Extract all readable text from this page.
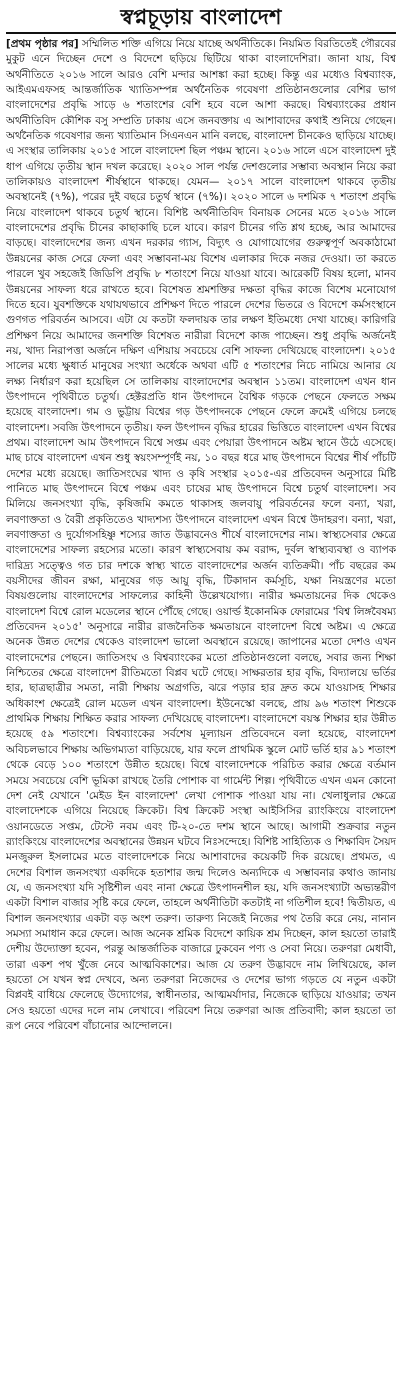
স্বপ্নচূড়ায় বাংলাদেশ

[প্রথম পৃষ্ঠার পর] সম্মিলিত শক্তি এগিয়ে নিয়ে যাচ্ছে অর্থনীতিকে। নিয়মিত বিরতিতেই গৌরবের মুকুট এনে দিচ্ছেন দেশে ও বিদেশে ছড়িয়ে ছিটিয়ে থাকা বাংলাদেশিরা। জানা যায়, বিশ্ব অর্থনীতিতে ২০১৬ সালে আরও বেশি মন্দার আশঙ্কা করা হচ্ছে। কিন্তু এর মধ্যেও বিশ্বব্যাংক, আইএমএফসহ আন্তর্জাতিক খ্যাতিসম্পন্ন অর্থনৈতিক গবেষণা প্রতিষ্ঠানগুলোর বেশির ভাগ বাংলাদেশের প্রবৃদ্ধি সাড়ে ৬ শতাংশের বেশি হবে বলে আশা করছে। বিশ্বব্যাংকের প্রধান অর্থনীতিবিদ কৌশিক বসু সম্প্রতি ঢাকায় এসে জনবক্তায় এ আশাবাদের কথাই শুনিয়ে গেছেন। অর্থনৈতিক গবেষণার জন্য খ্যাতিমান সিএনএন মানি বলছে, বাংলাদেশ চীনকেও ছাড়িয়ে যাচ্ছে। এ সংস্থার তালিকায় ২০১৫ সালে বাংলাদেশ ছিল পঞ্চম স্থানে। ২০১৬ সালে এসে বাংলাদেশ দুই ধাপ এগিয়ে তৃতীয় স্থান দখল করেছে। ২০২০ সাল পর্যন্ত দেশগুলোর সম্ভাব্য অবস্থান নিয়ে করা তালিকায়ও বাংলাদেশ শীর্ষস্থানে থাকছে। যেমন— ২০১৭ সালে বাংলাদেশ থাকবে তৃতীয় অবস্থানেই (৭%), পরের দুই বছরে চতুর্থ স্থানে (৭%)। ২০২০ সালে ৬ দশমিক ৭ শতাংশ প্রবৃদ্ধি নিয়ে বাংলাদেশ থাকবে চতুর্থ স্থানে। বিশিষ্ট অর্থনীতিবিদ বিনায়ক সেনের মতে ২০১৬ সালে বাংলাদেশের প্রবৃদ্ধি চীনের কাছাকাছি চলে যাবে। কারণ চীনের গতি শ্লথ হচ্ছে, আর আমাদের বাড়ছে। বাংলাদেশের জন্য এখন দরকার গ্যাস, বিদ্যুৎ ও যোগাযোগের গুরুত্বপূর্ণ অবকাঠামো উন্নয়নের কাজ সেরে ফেলা এবং সম্ভাবনা-ময় বিশেষ এলাকার দিকে নজর দেওয়া। তা করতে পারলে খুব সহজেই জিডিপি প্রবৃদ্ধি ৮ শতাংশে নিয়ে যাওয়া যাবে। আরেকটি বিষয় হলো, মানব উন্নয়নের সাফল্য ধরে রাখতে হবে। বিশেষত শ্রমশক্তির দক্ষতা বৃদ্ধির কাজে বিশেষ মনোযোগ দিতে হবে। যুবশক্তিকে যথাযথভাবে প্রশিক্ষণ দিতে পারলে দেশের ভিতরে ও বিদেশে কর্মসংস্থানে গুণগত পরিবর্তন আসবে। এটা যে কতটা ফলদায়ক তার লক্ষণ ইতিমধ্যে দেখা যাচ্ছে। কারিগরি প্রশিক্ষণ নিয়ে আমাদের জনশক্তি বিশেষত নারীরা বিদেশে কাজ পাচ্ছেন। শুধু প্রবৃদ্ধি অর্জনেই নয়, খাদ্য নিরাপত্তা অর্জনে দক্ষিণ এশিয়ায় সবচেয়ে বেশি সাফল্য দেখিয়েছে বাংলাদেশ। ২০১৫ সালের মধ্যে ক্ষুধার্ত মানুষের সংখ্যা অর্ধেকে অথবা এটি ৫ শতাংশের নিচে নামিয়ে আনার যে লক্ষ্য নির্ধারণ করা হয়েছিল সে তালিকায় বাংলাদেশের অবস্থান ১১তম। বাংলাদেশ এখন ধান উৎপাদনে পৃথিবীতে চতুর্থ। হেক্টরপ্রতি ধান উৎপাদনে বৈশ্বিক গড়কে পেছনে ফেলতে সক্ষম হয়েছে বাংলাদেশ। গম ও ভুট্টায় বিশ্বের গড় উৎপাদনকে পেছনে ফেলে ক্রমেই এগিয়ে চলছে বাংলাদেশ। সবজি উৎপাদনে তৃতীয়। ফল উৎপাদন বৃদ্ধির হারের ভিত্তিতে বাংলাদেশ এখন বিশ্বের প্রথম। বাংলাদেশ আম উৎপাদনে বিশ্বে সপ্তম এবং পেয়ারা উৎপাদনে অষ্টম স্থানে উঠে এসেছে। মাছ চাষে বাংলাদেশ এখন শুধু স্বয়ংসম্পূর্ণই নয়, ১০ বছর ধরে মাছ উৎপাদনে বিশ্বের শীর্ষ পাঁচটি দেশের মধ্যে রয়েছে। জাতিসংঘের খাদ্য ও কৃষি সংস্থার ২০১৫-এর প্রতিবেদন অনুসারে মিষ্টি পানিতে মাছ উৎপাদনে বিশ্বে পঞ্চম এবং চাষের মাছ উৎপাদনে বিশ্বে চতুর্থ বাংলাদেশ। সব মিলিয়ে জনসংখ্যা বৃদ্ধি, কৃষিজমি কমতে থাকাসহ জলবায়ু পরিবর্তনের ফলে বন্যা, খরা, লবণাক্ততা ও বৈরী প্রকৃতিতেও খাদ্যশস্য উৎপাদনে বাংলাদেশ এখন বিশ্বে উদাহরণ। বন্যা, খরা, লবণাক্ততা ও দুর্যোগসহিষ্ণু শস্যের জাত উদ্ভাবনেও শীর্ষে বাংলাদেশের নাম। স্বাস্থ্যসেবার ক্ষেত্রে বাংলাদেশের সাফল্য রহস্যের মতো। কারণ স্বাস্থ্যসেবায় কম বরাদ্দ, দুর্বল স্বাস্থ্যব্যবস্থা ও ব্যাপক দারিদ্র্য সত্ত্বেও গত চার দশকে স্বাস্থ্য খাতে বাংলাদেশের অর্জন ব্যতিক্রমী। পাঁচ বছরের কম বয়সীদের জীবন রক্ষা, মানুষের গড় আয়ু বৃদ্ধি, টিকাদান কর্মসূচি, যক্ষা নিয়ন্ত্রণের মতো বিষয়গুলোয় বাংলাদেশের সাফল্যের কাহিনী উল্লেখযোগ্য। নারীর ক্ষমতায়নের দিক থেকেও বাংলাদেশ বিশ্বে রোল মডেলের স্থানে পৌঁছে গেছে। ওয়ার্ল্ড ইকোনমিক ফোরামের 'বিশ্ব লিঙ্গবৈষম্য প্রতিবেদন ২০১৫' অনুসারে নারীর রাজনৈতিক ক্ষমতায়নে বাংলাদেশ বিশ্বে অষ্টম। এ ক্ষেত্রে অনেক উন্নত দেশের থেকেও বাংলাদেশ ভালো অবস্থানে রয়েছে। জাপানের মতো দেশও এখন বাংলাদেশের পেছনে। জাতিসংঘ ও বিশ্বব্যাংকের মতো প্রতিষ্ঠানগুলো বলছে, সবার জন্য শিক্ষা নিশ্চিতের ক্ষেত্রে বাংলাদেশ রীতিমতো বিপ্লব ঘটে গেছে। সাক্ষরতার হার বৃদ্ধি, বিদ্যালয়ে ভর্তির হার, ছাত্রছাত্রীর সমতা, নারী শিক্ষায় অগ্রগতি, ঝরে পড়ার হার দ্রুত কমে যাওয়াসহ শিক্ষার অধিকাংশ ক্ষেত্রেই রোল মডেল এখন বাংলাদেশ। ইউনেস্কো বলছে, প্রায় ৯৬ শতাংশ শিশুকে প্রাথমিক শিক্ষায় শিক্ষিত করার সাফল্য দেখিয়েছে বাংলাদেশ। বাংলাদেশে বয়স্ক শিক্ষার হার উন্নীত হয়েছে ৫৯ শতাংশে। বিশ্বব্যাংকের সর্বশেষ মূল্যায়ন প্রতিবেদনে বলা হয়েছে, বাংলাদেশ অবিচলভাবে শিক্ষায় অভিগম্যতা বাড়িয়েছে, যার ফলে প্রাথমিক স্কুলে মোট ভর্তি হার ৯১ শতাংশ থেকে বেড়ে ১০০ শতাংশে উন্নীত হয়েছে। বিশ্বে বাংলাদেশকে পরিচিত করার ক্ষেত্রে বর্তমান সময়ে সবচেয়ে বেশি ভূমিকা রাখছে তৈরি পোশাক বা গার্মেন্ট শিল্প। পৃথিবীতে এখন এমন কোনো দেশ নেই যেখানে 'মেইড ইন বাংলাদেশ' লেখা পোশাক পাওয়া যায় না। খেলাধুলার ক্ষেত্রে বাংলাদেশকে এগিয়ে নিয়েছে ক্রিকেট। বিশ্ব ক্রিকেট সংস্থা আইসিসির র‌্যাংকিংয়ে বাংলাদেশ ওয়ানডেতে সপ্তম, টেস্টে নবম এবং টি-২০-তে দশম স্থানে আছে। আগামী শুক্রবার নতুন র‌্যাংকিংয়ে বাংলাদেশের অবস্থানের উন্নয়ন ঘটবে নিঃসন্দেহে। বিশিষ্ট সাহিত্যিক ও শিক্ষাবিদ সৈয়দ মনজুরুল ইসলামের মতে বাংলাদেশকে নিয়ে আশাবাদের কয়েকটি দিক রয়েছে। প্রথমত, এ দেশের বিশাল জনসংখ্যা একদিকে হতাশার জন্ম দিলেও অন্যদিকে এ সম্ভাবনার কথাও জানায় যে, এ জনসংখ্যা যদি সৃষ্টিশীল এবং নানা ক্ষেত্রে উৎপাদনশীল হয়, যদি জনসংখ্যাটা অভ্যন্তরীণ একটা বিশাল বাজার সৃষ্টি করে ফেলে, তাহলে অর্থনীতিটা কতটাই না গতিশীল হবে! দ্বিতীয়ত, এ বিশাল জনসংখ্যার একটা বড় অংশ তরুণ। তারুণ্য নিজেই নিজের পথ তৈরি করে নেয়, নানান সমস্যা সমাধান করে ফেলে। আজ অনেক শ্রমিক বিদেশে কায়িক শ্রম দিচ্ছেন, কাল হয়তো তারাই দেশীয় উদ্যোক্তা হবেন, পরন্তু আন্তর্জাতিক বাজারে ঢুকবেন পণ্য ও সেবা নিয়ে। তরুণরা মেধাবী, তারা একশ পথ খুঁজে নেবে আত্মবিকাশের। আজ যে তরুণ উদ্ভাবদে নাম লিখিয়েছে, কাল হয়তো সে যখন স্বপ্ন দেখবে, অন্য তরুণরা নিজেদের ও দেশের ভাগ্য গড়তে যে নতুন একটা বিপ্লবই বাধিয়ে ফেলেছে উদ্যোগের, স্বাধীনতার, আত্মমর্যাদার, নিজেকে ছাড়িয়ে যাওয়ার; তখন সেও হয়তো এদের দলে নাম লেখাবে। পরিবেশ নিয়ে তরুণরা আজ প্রতিবাদী; কাল হয়তো তা রূপ নেবে পরিবেশ বাঁচানোর আন্দোলনে।
